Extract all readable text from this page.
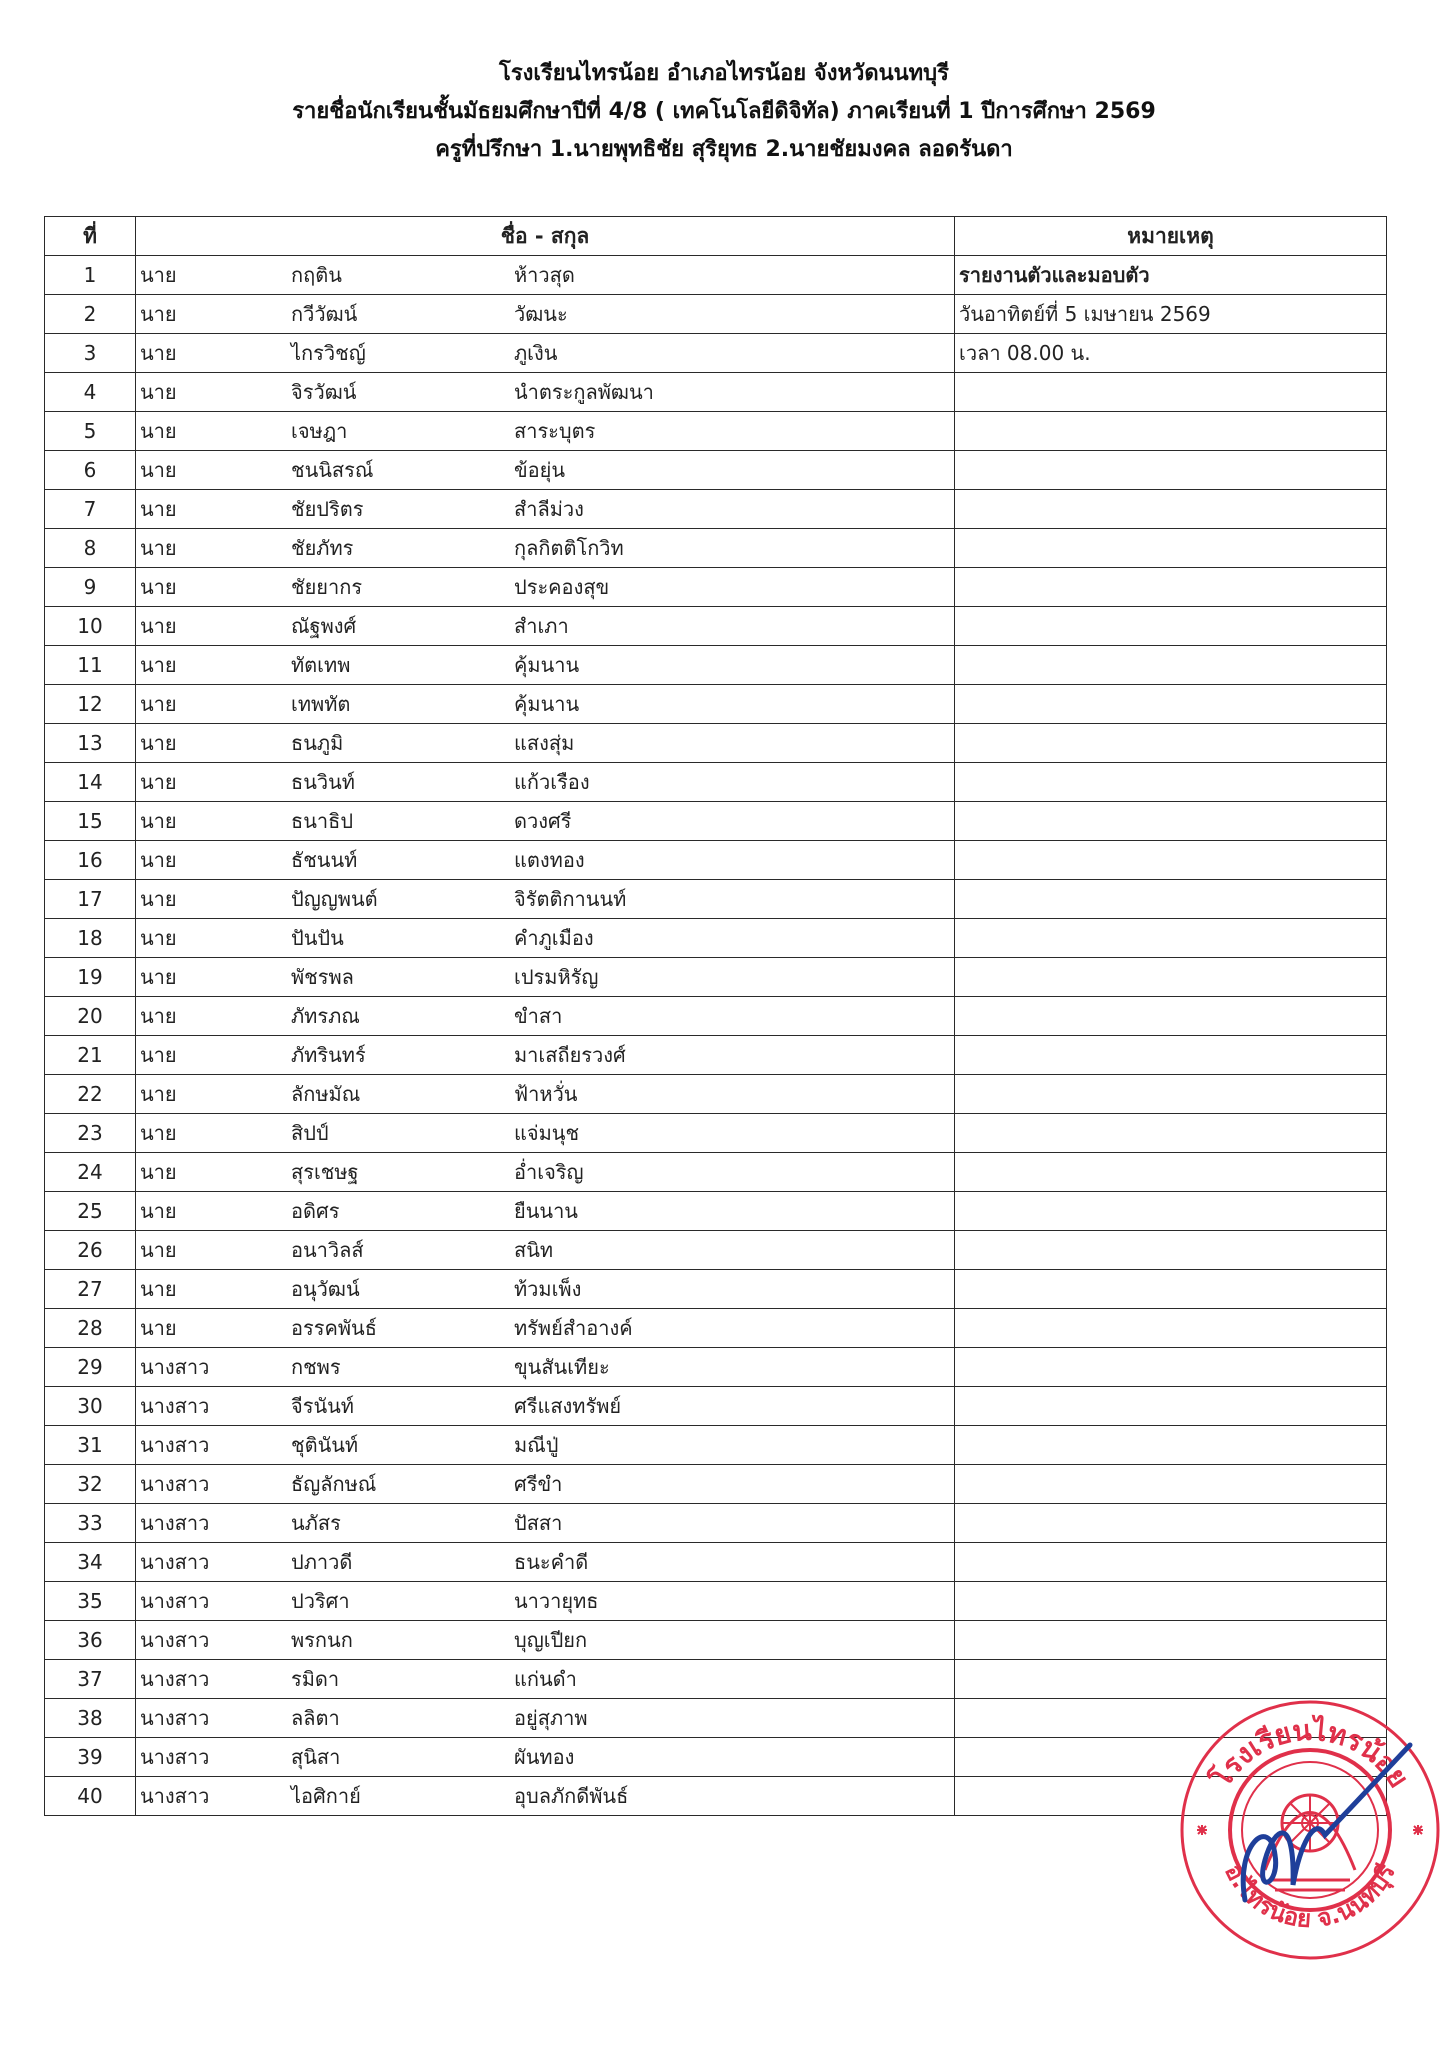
โรงเรียนไทรน้อย อำเภอไทรน้อย จังหวัดนนทบุรี
รายชื่อนักเรียนชั้นมัธยมศึกษาปีที่ 4/8 ( เทคโนโลยีดิจิทัล) ภาคเรียนที่ 1 ปีการศึกษา 2569
ครูที่ปรึกษา 1.นายพุทธิชัย สุริยุทธ 2.นายชัยมงคล ลอดรันดา
ที่	ชื่อ - สกุล	หมายเหตุ
1	นาย กฤติน ห้าวสุด	รายงานตัวและมอบตัว
2	นาย กวีวัฒน์ วัฒนะ	วันอาทิตย์ที่ 5 เมษายน 2569
3	นาย ไกรวิชญ์ ภูเงิน	เวลา 08.00 น.
4	นาย จิรวัฒน์ นำตระกูลพัฒนา	

5	นาย เจษฎา สาระบุตร	

6	นาย ชนนิสรณ์ ข้อยุ่น	

7	นาย ชัยปริตร สำลีม่วง	

8	นาย ชัยภัทร กุลกิตติโกวิท	

9	นาย ชัยยากร ประคองสุข	

10	นาย ณัฐพงศ์ สำเภา	

11	นาย ทัตเทพ คุ้มนาน	

12	นาย เทพทัต คุ้มนาน	

13	นาย ธนภูมิ แสงสุ่ม	

14	นาย ธนวินท์ แก้วเรือง	

15	นาย ธนาธิป ดวงศรี	

16	นาย ธัชนนท์ แตงทอง	

17	นาย ปัญญพนต์ จิรัตติกานนท์	

18	นาย ปันปัน คำภูเมือง	

19	นาย พัชรพล เปรมหิรัญ	

20	นาย ภัทรภณ ขำสา	

21	นาย ภัทรินทร์ มาเสถียรวงศ์	

22	นาย ลักษมัณ ฟ้าหวั่น	

23	นาย สิปป์ แจ่มนุช	

24	นาย สุรเชษฐ อ่ำเจริญ	

25	นาย อดิศร ยืนนาน	

26	นาย อนาวิลส์ สนิท	

27	นาย อนุวัฒน์ ท้วมเพ็ง	

28	นาย อรรคพันธ์ ทรัพย์สำอางค์	

29	นางสาว กชพร ขุนสันเทียะ	

30	นางสาว จีรนันท์ ศรีแสงทรัพย์	

31	นางสาว ชุตินันท์ มณีปู่	

32	นางสาว ธัญลักษณ์ ศรีขำ	

33	นางสาว นภัสร ปัสสา	

34	นางสาว ปภาวดี ธนะคำดี	

35	นางสาว ปวริศา นาวายุทธ	

36	นางสาว พรกนก บุญเปียก	

37	นางสาว รมิดา แก่นดำ	

38	นางสาว ลลิตา อยู่สุภาพ	

39	นางสาว สุนิสา ผันทอง	

40	นางสาว ไอศิกาย์ อุบลภักดีพันธ์	

โรงเรียนไทรน้อย
อ.ไทรน้อย จ.นนทบุรี
